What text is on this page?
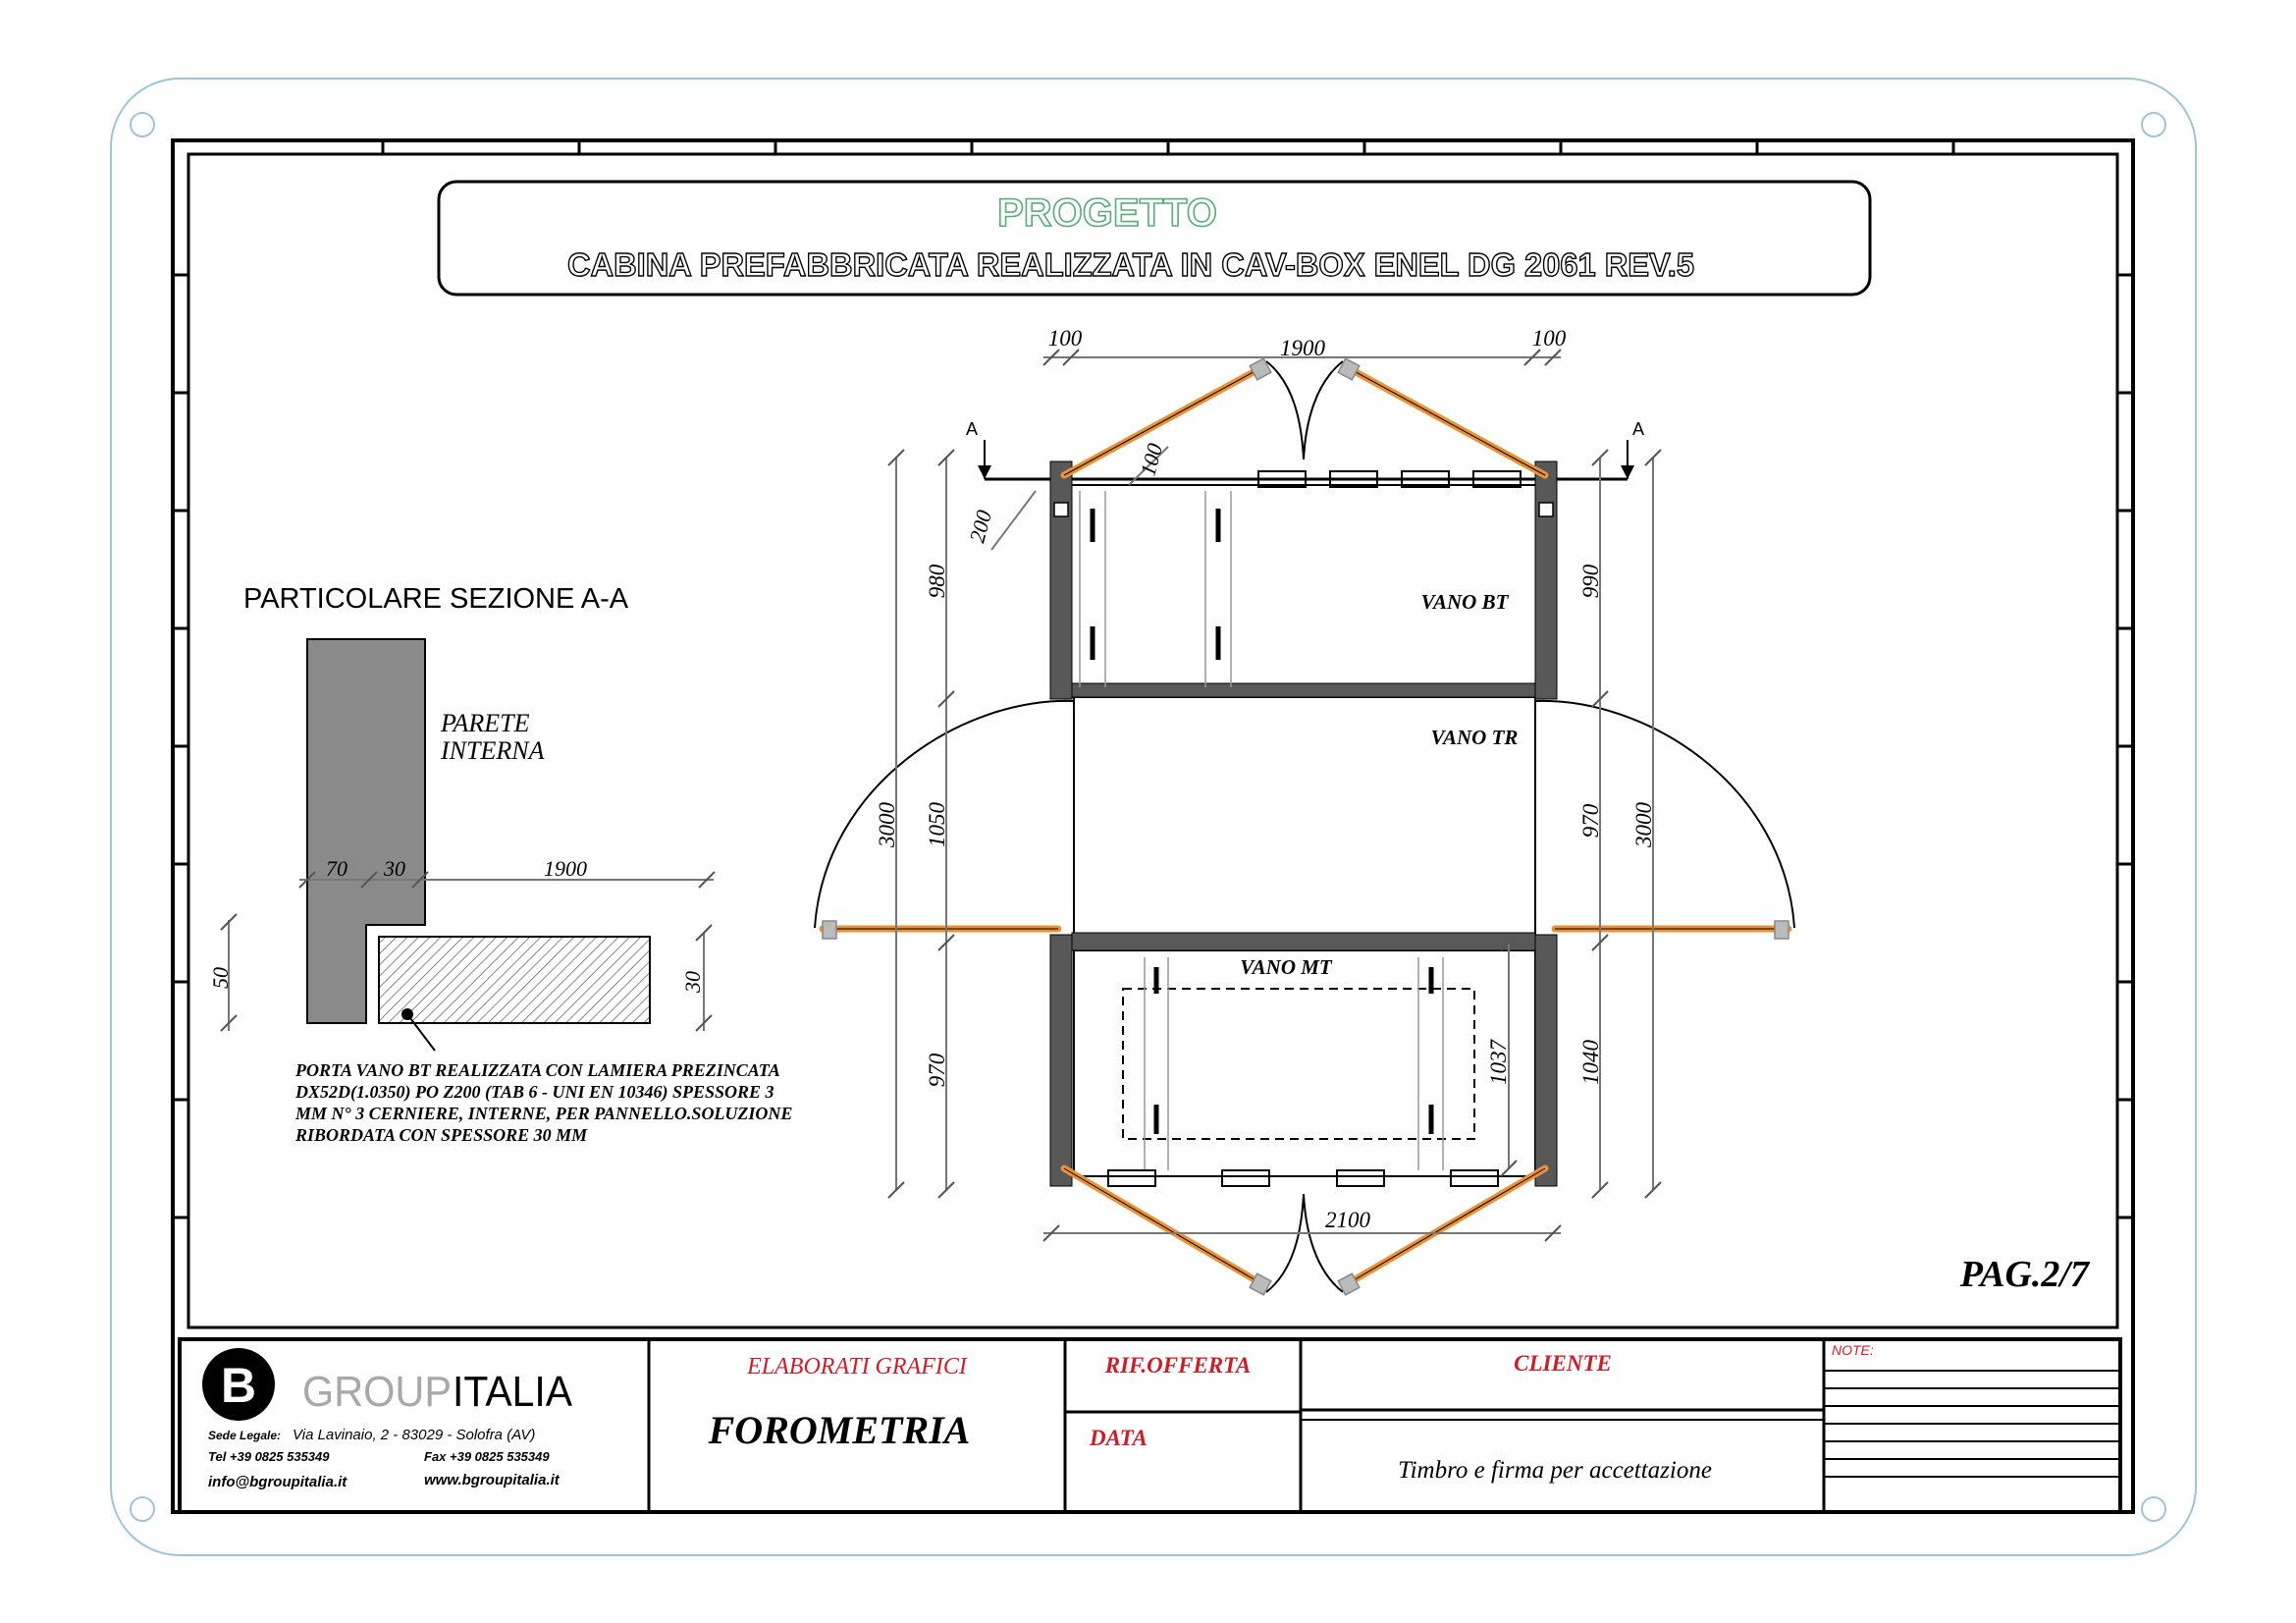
PROGETTO
CABINA PREFABBRICATA REALIZZATA IN CAV-BOX ENEL DG 2061 REV.5
PARTICOLARE SEZIONE A-A
PARETE
INTERNA
70 30	1900
50	30
PORTA VANO BT REALIZZATA CON LAMIERA PREZINCATA
DX52D(1.0350) PO Z200 (TAB 6 - UNI EN 10346) SPESSORE 3
MM N° 3 CERNIERE, INTERNE, PER PANNELLO.SOLUZIONE
RIBORDATA CON SPESSORE 30 MM
100	1900	100
A	A
100
200
3000
980
1050
970
990
970
1040
3000
1037
2100
VANO BT
VANO TR
VANO MT
PAG.2/7
B GROUP ITALIA
Sede Legale: Via Lavinaio, 2 - 83029 - Solofra (AV)
Tel +39 0825 535349	Fax +39 0825 535349
info@bgroupitalia.it	www.bgroupitalia.it
ELABORATI GRAFICI
FOROMETRIA
RIF.OFFERTA
DATA
CLIENTE
Timbro e firma per accettazione
NOTE:
